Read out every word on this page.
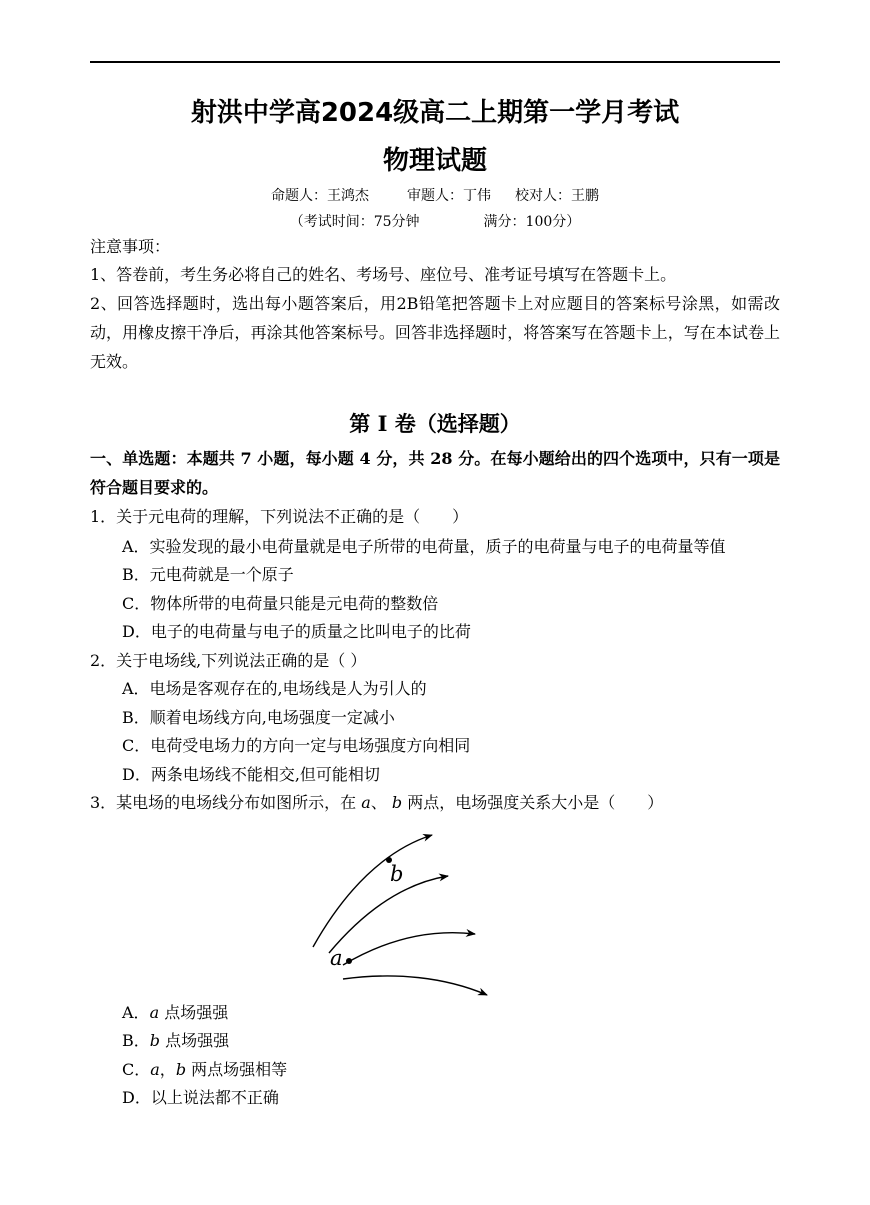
射洪中学高2024级高二上期第一学月考试
物理试题
命题人：王鸿杰	审题人：丁伟 校对人：王鹏
（考试时间：75分钟	满分：100分）
注意事项：
1、答卷前，考生务必将自己的姓名、考场号、座位号、准考证号填写在答题卡上。
2、回答选择题时，选出每小题答案后，用2B铅笔把答题卡上对应题目的答案标号涂黑，如需改动，用橡皮擦干净后，再涂其他答案标号。回答非选择题时，将答案写在答题卡上，写在本试卷上无效。
第 I 卷（选择题）
一、单选题：本题共 7 小题，每小题 4 分，共 28 分。在每小题给出的四个选项中，只有一项是符合题目要求的。
1．关于元电荷的理解，下列说法不正确的是（　　）
A．实验发现的最小电荷量就是电子所带的电荷量，质子的电荷量与电子的电荷量等值
B．元电荷就是一个原子
C．物体所带的电荷量只能是元电荷的整数倍
D．电子的电荷量与电子的质量之比叫电子的比荷
2．关于电场线,下列说法正确的是（ ）
A．电场是客观存在的,电场线是人为引人的
B．顺着电场线方向,电场强度一定减小
C．电荷受电场力的方向一定与电场强度方向相同
D．两条电场线不能相交,但可能相切
3．某电场的电场线分布如图所示，在 a、 b 两点，电场强度关系大小是（　　）
b
a
A．a 点场强强
B．b 点场强强
C．a，b 两点场强相等
D．以上说法都不正确
